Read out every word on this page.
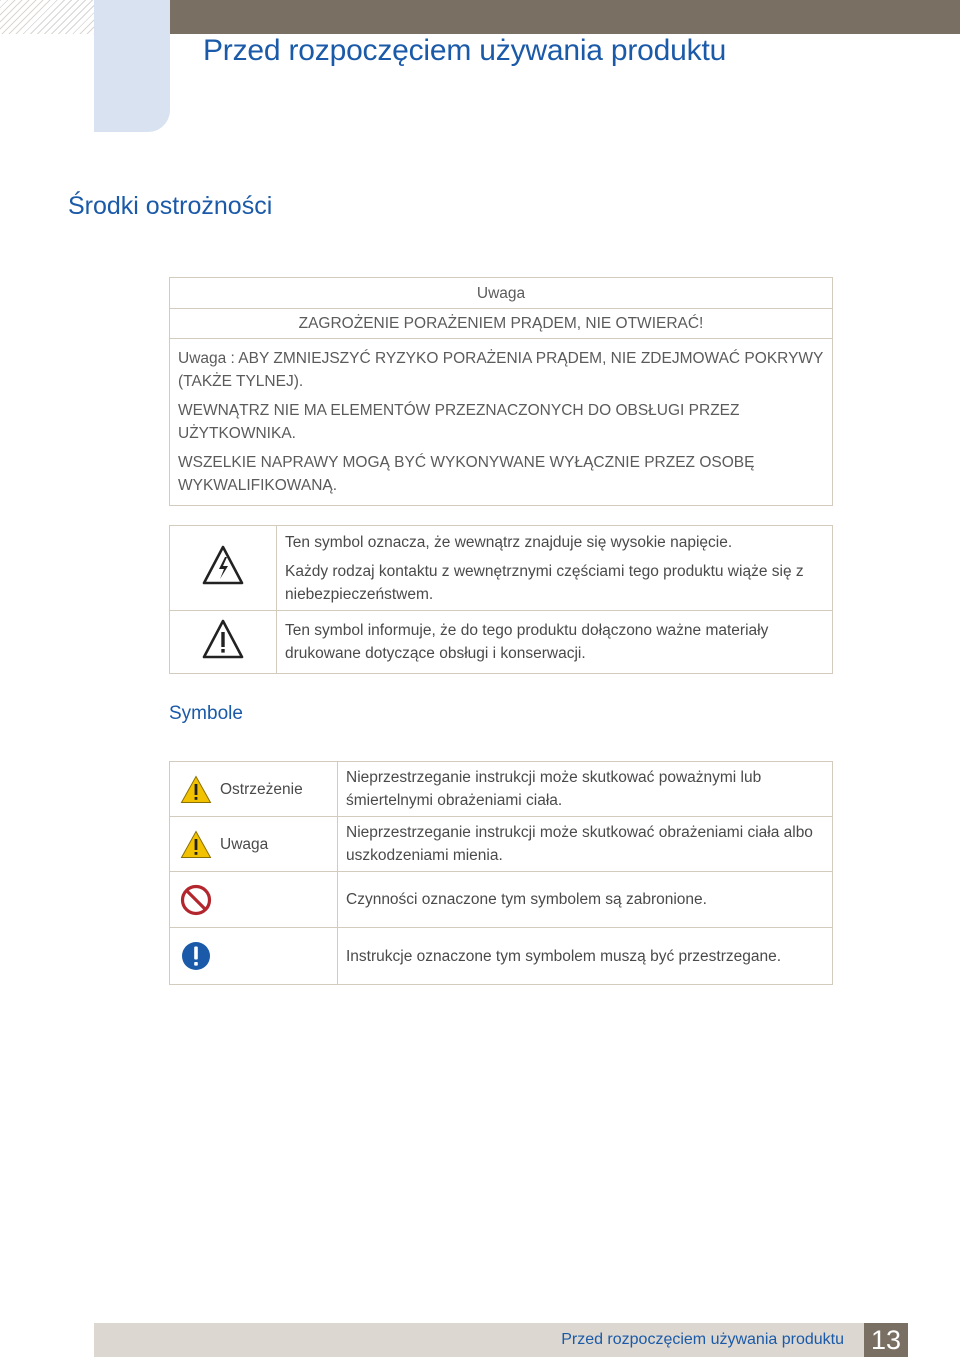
Przed rozpoczęciem używania produktu
Środki ostrożności
Uwaga
ZAGROŻENIE PORAŻENIEM PRĄDEM, NIE OTWIERAĆ!

Uwaga : ABY ZMNIEJSZYĆ RYZYKO PORAŻENIA PRĄDEM, NIE ZDEJMOWAĆ POKRYWY (TAKŻE TYLNEJ).

WEWNĄTRZ NIE MA ELEMENTÓW PRZEZNACZONYCH DO OBSŁUGI PRZEZ UŻYTKOWNIKA.

WSZELKIE NAPRAWY MOGĄ BYĆ WYKONYWANE WYŁĄCZNIE PRZEZ OSOBĘ WYKWALIFIKOWANĄ.

Ten symbol oznacza, że wewnątrz znajduje się wysokie napięcie.

Każdy rodzaj kontaktu z wewnętrznymi częściami tego produktu wiąże się z niebezpieczeństwem.

Ten symbol informuje, że do tego produktu dołączono ważne materiały drukowane dotyczące obsługi i konserwacji.

Symbole
Ostrzeżenie	Nieprzestrzeganie instrukcji może skutkować poważnymi lub śmiertelnymi obrażeniami ciała.

Uwaga	Nieprzestrzeganie instrukcji może skutkować obrażeniami ciała albo uszkodzeniami mienia.

	Czynności oznaczone tym symbolem są zabronione.

	Instrukcje oznaczone tym symbolem muszą być przestrzegane.
Przed rozpoczęciem używania produktu 13
